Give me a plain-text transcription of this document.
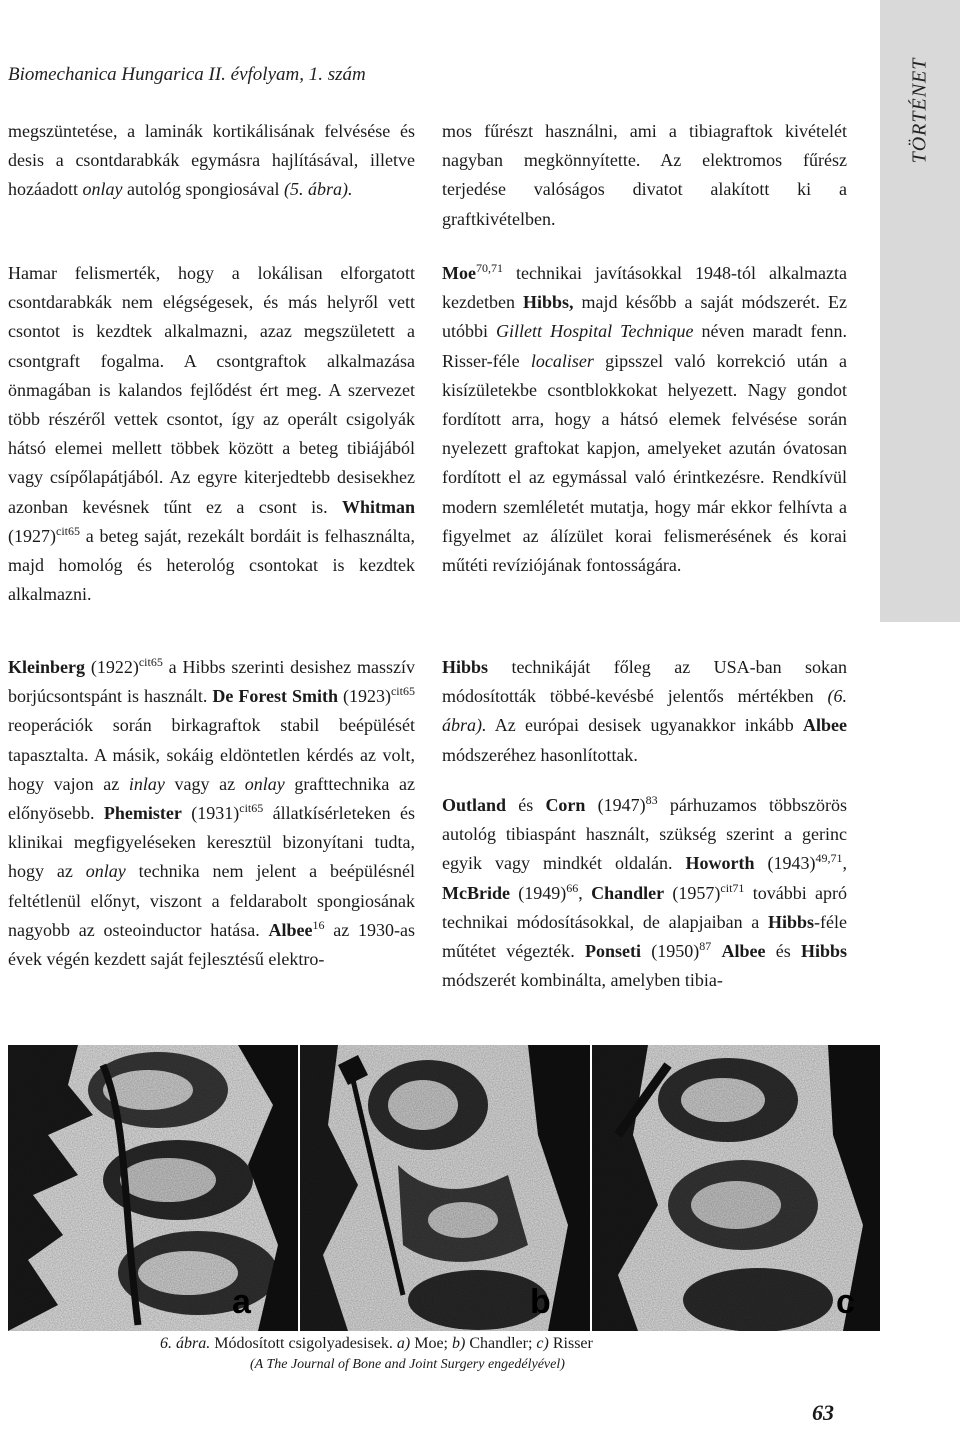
Biomechanica Hungarica II. évfolyam, 1. szám	TÖRTÉNET

megszüntetése, a laminák kortikálisának felvésése és desis a csontdarabkák egymásra hajlításával, illetve hozáadott onlay autológ spongiosával (5. ábra).

Hamar felismerték, hogy a lokálisan elforgatott csontdarabkák nem elégségesek, és más helyről vett csontot is kezdtek alkalmazni, azaz megszületett a csontgraft fogalma. A csontgraftok alkalmazása önmagában is kalandos fejlődést ért meg. A szervezet több részéről vettek csontot, így az operált csigolyák hátsó elemei mellett többek között a beteg tibiájából vagy csípőlapátjából. Az egyre kiterjedtebb desisekhez azonban kevésnek tűnt ez a csont is. Whitman $(1927)^{cit65}$ a beteg saját, rezekált bordáit is felhasználta, majd homológ és heterológ csontokat is kezdtek alkalmazni.

Kleinberg $(1922)^{cit65}$ a Hibbs szerinti desishez masszív borjúcsontspánt is használt. De Forest Smith $(1923)^{cit65}$ reoperációk során birkagraftok stabil beépülését tapasztalta. A másik, sokáig eldöntetlen kérdés az volt, hogy vajon az inlay vagy az onlay grafttechnika az előnyösebb. Phemister $(1931)^{cit65}$ állatkísérleteken és klinikai megfigyeléseken keresztül bizonyítani tudta, hogy az onlay technika nem jelent a beépülésnél feltétlenül előnyt, viszont a feldarabolt spongiosának nagyobb az osteoinductor hatása. Albee$^{16}$ az 1930-as évek végén kezdett saját fejlesztésű elektro-

mos fűrészt használni, ami a tibiagraftok kivételét nagyban megkönnyítette. Az elektromos fűrész terjedése valóságos divatot alakított ki a graftkivételben.

Moe$^{70,71}$ technikai javításokkal 1948-tól alkalmazta kezdetben Hibbs, majd később a saját módszerét. Ez utóbbi Gillett Hospital Technique néven maradt fenn. Risser-féle localiser gipsszel való korrekció után a kisízületekbe csontblokkokat helyezett. Nagy gondot fordított arra, hogy a hátsó elemek felvésése során nyelezett graftokat kapjon, amelyeket azután óvatosan fordított el az egymással való érintkezésre. Rendkívül modern szemléletét mutatja, hogy már ekkor felhívta a figyelmet az álízület korai felismerésének és korai műtéti revíziójának fontosságára.

Hibbs technikáját főleg az USA-ban sokan módosították többé-kevésbé jelentős mértékben (6. ábra). Az európai desisek ugyanakkor inkább Albee módszeréhez hasonlítottak.

Outland és Corn $(1947)^{83}$ párhuzamos többszörös autológ tibiaspánt használt, szükség szerint a gerinc egyik vagy mindkét oldalán. Howorth $(1943)^{49,71}$, McBride $(1949)^{66}$, Chandler $(1957)^{cit71}$ további apró technikai módosításokkal, de alapjaiban a Hibbs-féle műtétet végezték. Ponseti $(1950)^{87}$ Albee és Hibbs módszerét kombinálta, amelyben tibia-

a	b	c
6. ábra. Módosított csigolyadesisek. a) Moe; b) Chandler; c) Risser
(A The Journal of Bone and Joint Surgery engedélyével)
63
